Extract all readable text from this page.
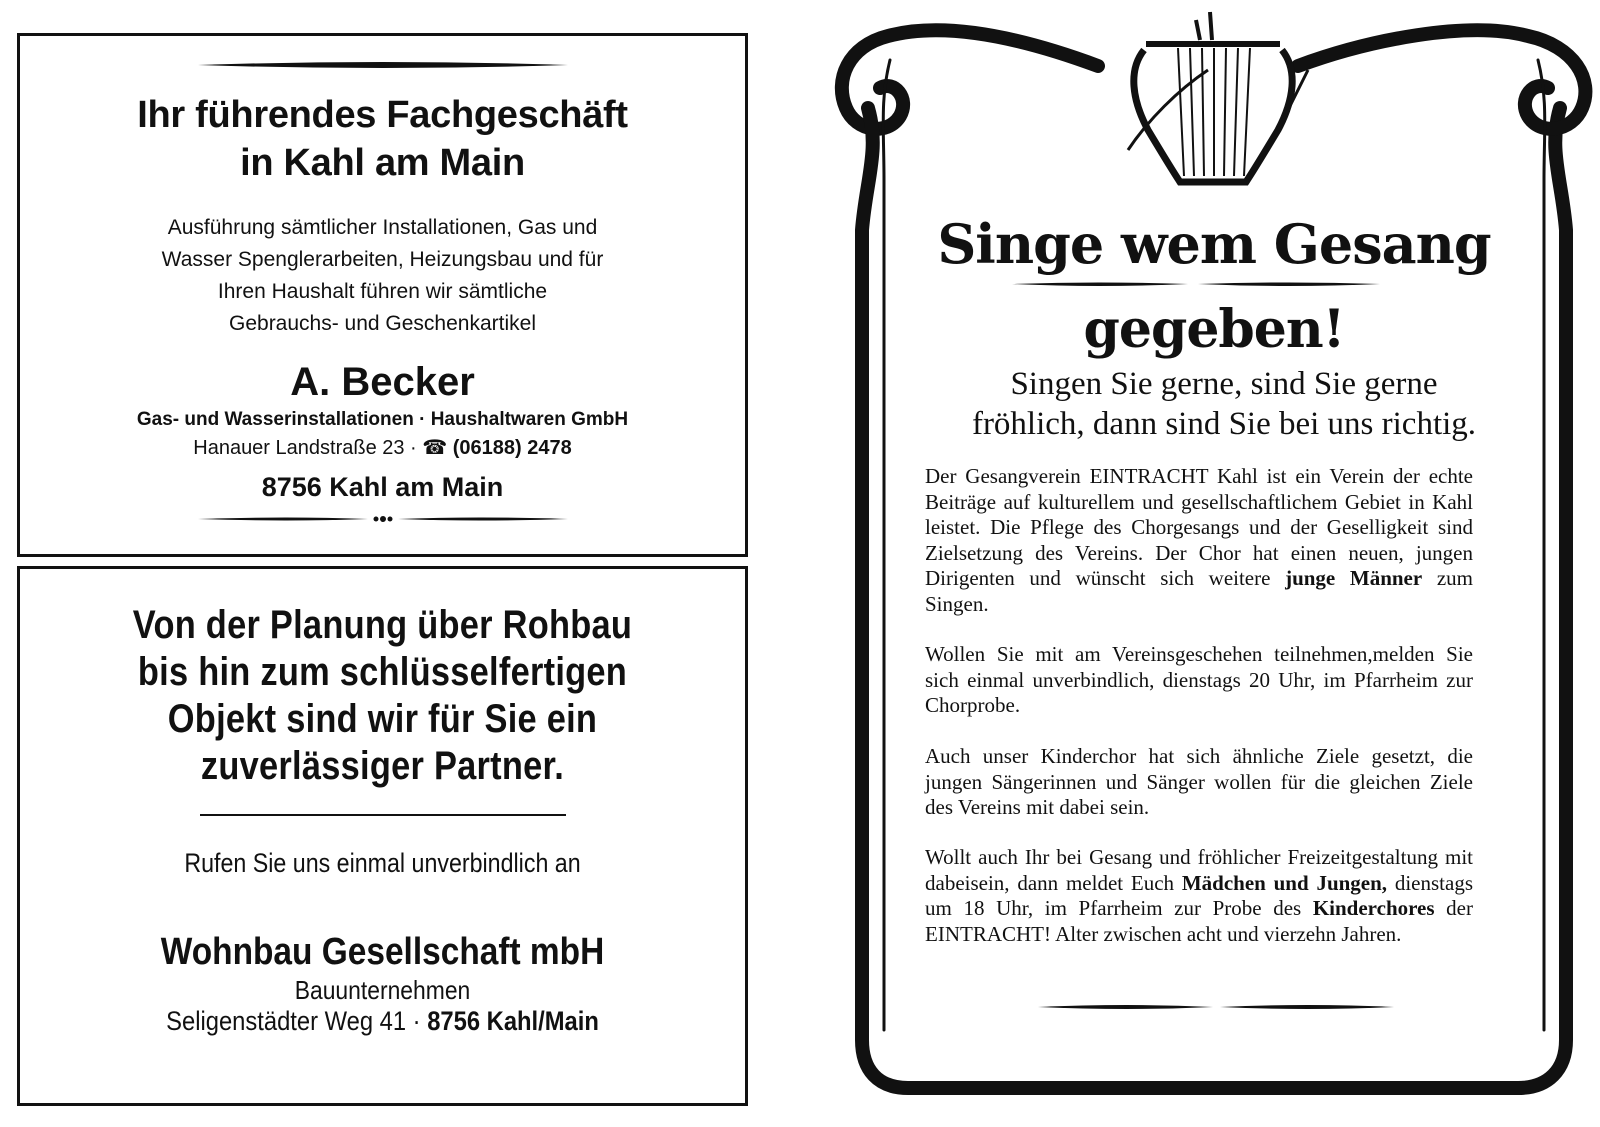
Ihr führendes Fachgeschäft
in Kahl am Main
Ausführung sämtlicher Installationen, Gas und
Wasser Spenglerarbeiten, Heizungsbau und für
Ihren Haushalt führen wir sämtliche
Gebrauchs- und Geschenkartikel
A. Becker
Gas- und Wasserinstallationen · Haushaltwaren GmbH
Hanauer Landstraße 23 · ☎ (06188) 2478
8756 Kahl am Main
Von der Planung über Rohbau
bis hin zum schlüsselfertigen
Objekt sind wir für Sie ein
zuverlässiger Partner.
Rufen Sie uns einmal unverbindlich an
Wohnbau Gesellschaft mbH
Bauunternehmen
Seligenstädter Weg 41 · 8756 Kahl/Main
Singe wem Gesang
gegeben!
Singen Sie gerne, sind Sie gerne
fröhlich, dann sind Sie bei uns richtig.
Der Gesangverein EINTRACHT Kahl ist ein Verein der echte Beiträge auf kulturellem und gesellschaftlichem Gebiet in Kahl leistet. Die Pflege des Chorgesangs und der Geselligkeit sind Zielsetzung des Vereins. Der Chor hat einen neuen, jungen Dirigenten und wünscht sich weitere junge Männer zum Singen.
Wollen Sie mit am Vereinsgeschehen teilnehmen,melden Sie sich einmal unverbindlich, dienstags 20 Uhr, im Pfarrheim zur Chorprobe.
Auch unser Kinderchor hat sich ähnliche Ziele gesetzt, die jungen Sängerinnen und Sänger wollen für die gleichen Ziele des Vereins mit dabei sein.
Wollt auch Ihr bei Gesang und fröhlicher Freizeitgestaltung mit dabeisein, dann meldet Euch Mädchen und Jungen, dienstags um 18 Uhr, im Pfarrheim zur Probe des Kinderchores der EINTRACHT! Alter zwischen acht und vierzehn Jahren.
